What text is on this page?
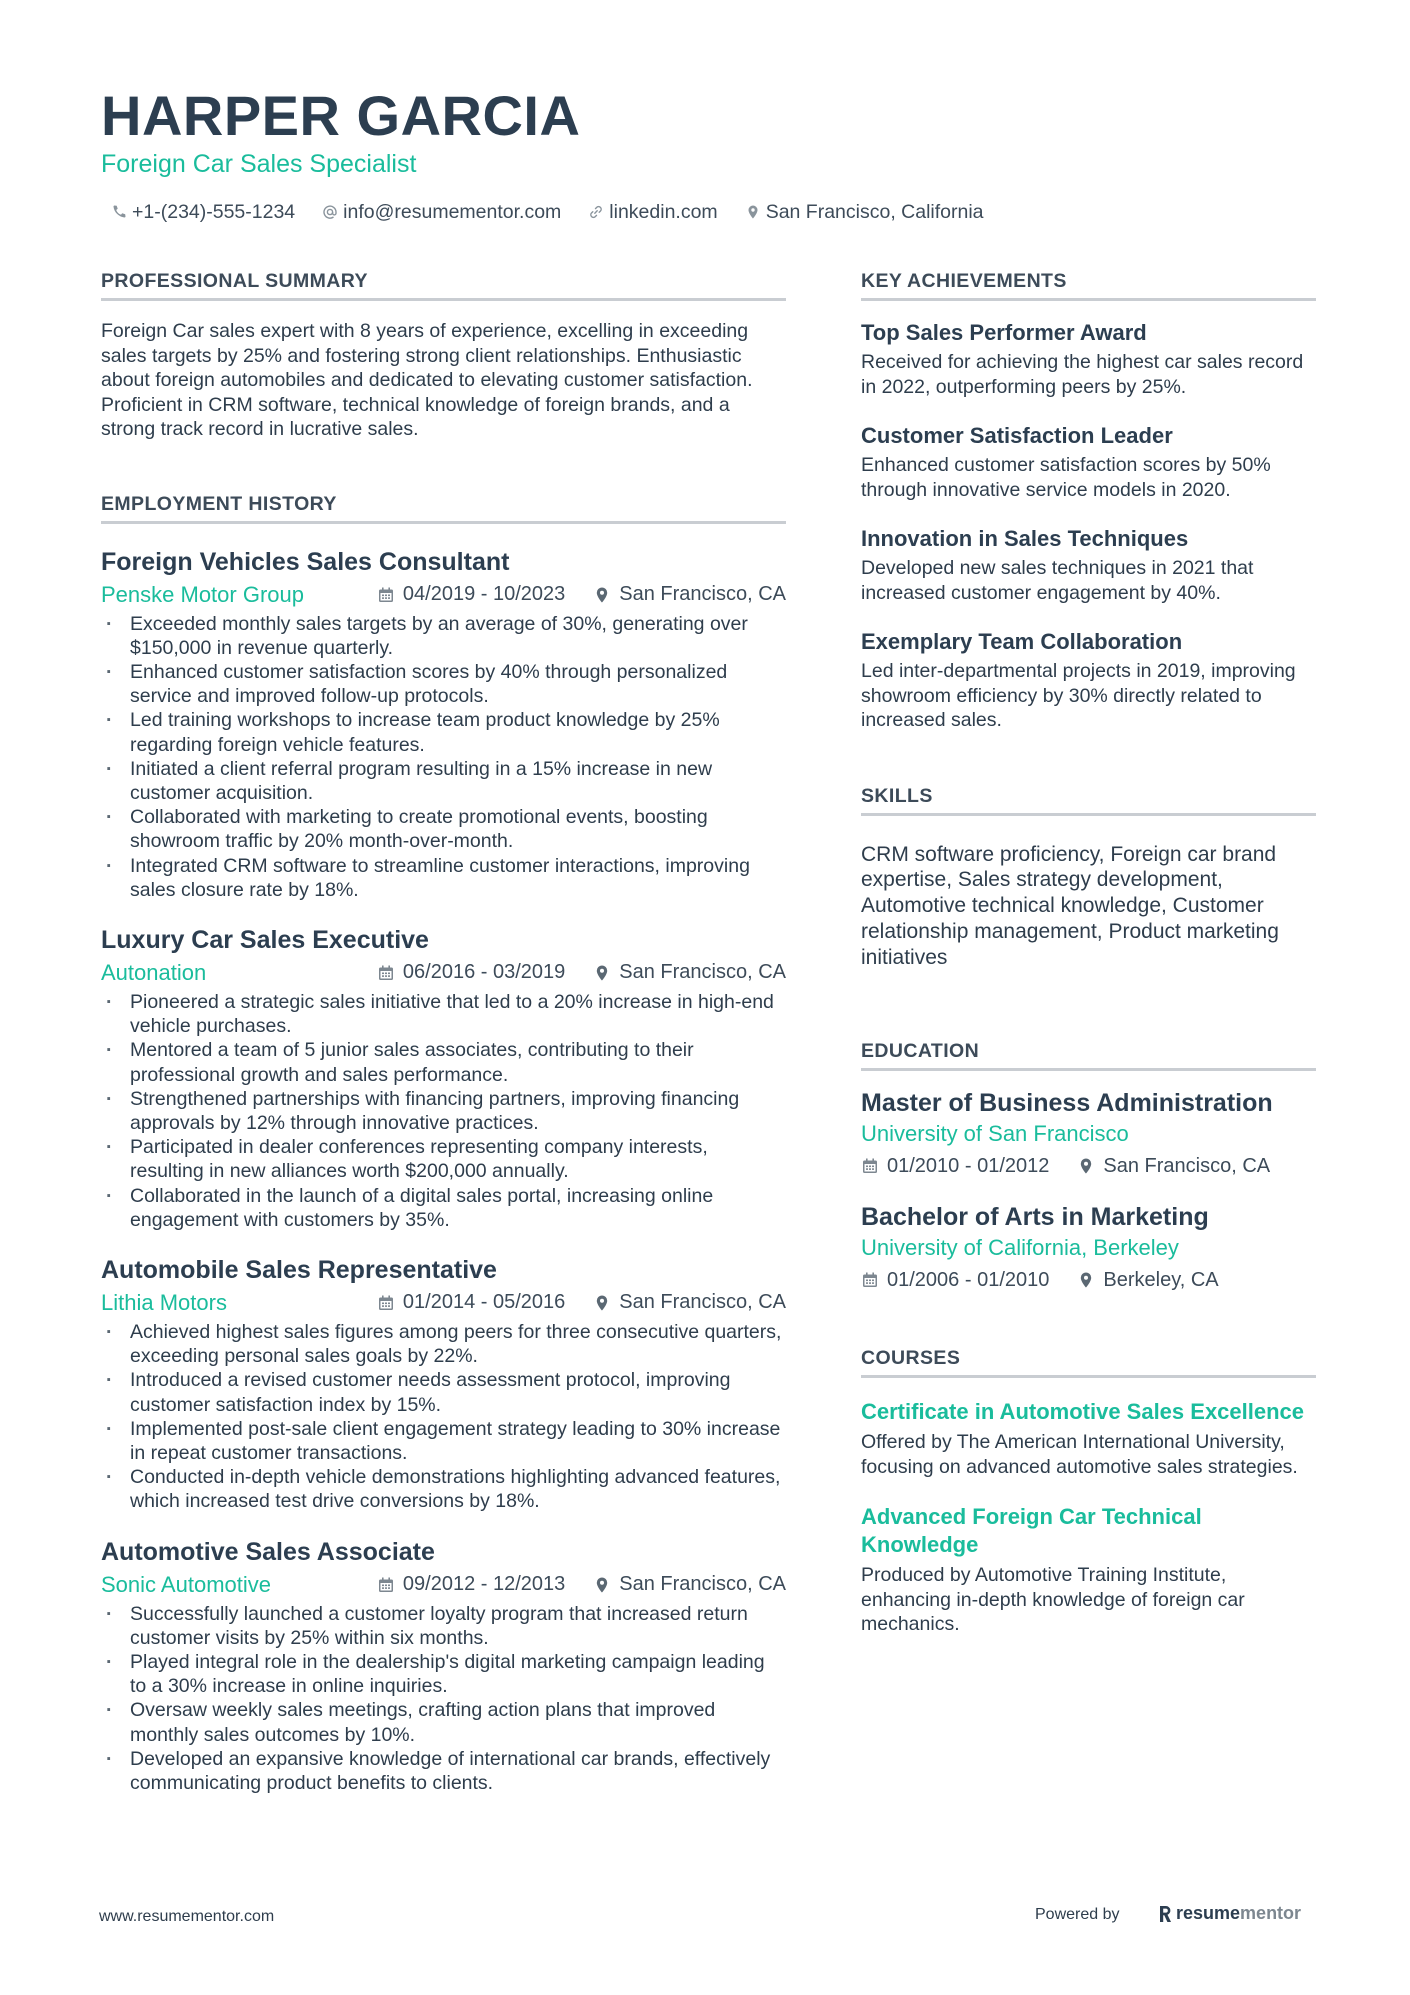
HARPER GARCIA
Foreign Car Sales Specialist
+1-(234)-555-1234 info@resumementor.com linkedin.com San Francisco, California
PROFESSIONAL SUMMARY

Foreign Car sales expert with 8 years of experience, excelling in exceeding sales targets by 25% and fostering strong client relationships. Enthusiastic about foreign automobiles and dedicated to elevating customer satisfaction. Proficient in CRM software, technical knowledge of foreign brands, and a strong track record in lucrative sales.

EMPLOYMENT HISTORY
Foreign Vehicles Sales Consultant
Penske Motor Group	04/2019 - 10/2023	San Francisco, CA
· Exceeded monthly sales targets by an average of 30%, generating over $150,000 in revenue quarterly.
· Enhanced customer satisfaction scores by 40% through personalized service and improved follow-up protocols.
· Led training workshops to increase team product knowledge by 25% regarding foreign vehicle features.
· Initiated a client referral program resulting in a 15% increase in new customer acquisition.
· Collaborated with marketing to create promotional events, boosting showroom traffic by 20% month-over-month.
· Integrated CRM software to streamline customer interactions, improving sales closure rate by 18%.
Luxury Car Sales Executive
Autonation	06/2016 - 03/2019	San Francisco, CA
· Pioneered a strategic sales initiative that led to a 20% increase in high-end vehicle purchases.
· Mentored a team of 5 junior sales associates, contributing to their professional growth and sales performance.
· Strengthened partnerships with financing partners, improving financing approvals by 12% through innovative practices.
· Participated in dealer conferences representing company interests, resulting in new alliances worth $200,000 annually.
· Collaborated in the launch of a digital sales portal, increasing online engagement with customers by 35%.
Automobile Sales Representative
Lithia Motors	01/2014 - 05/2016	San Francisco, CA
· Achieved highest sales figures among peers for three consecutive quarters, exceeding personal sales goals by 22%.
· Introduced a revised customer needs assessment protocol, improving customer satisfaction index by 15%.
· Implemented post-sale client engagement strategy leading to 30% increase in repeat customer transactions.
· Conducted in-depth vehicle demonstrations highlighting advanced features, which increased test drive conversions by 18%.
Automotive Sales Associate
Sonic Automotive	09/2012 - 12/2013	San Francisco, CA
· Successfully launched a customer loyalty program that increased return customer visits by 25% within six months.
· Played integral role in the dealership's digital marketing campaign leading to a 30% increase in online inquiries.
· Oversaw weekly sales meetings, crafting action plans that improved monthly sales outcomes by 10%.
· Developed an expansive knowledge of international car brands, effectively communicating product benefits to clients.
KEY ACHIEVEMENTS
Top Sales Performer Award

Received for achieving the highest car sales record in 2022, outperforming peers by 25%.

Customer Satisfaction Leader

Enhanced customer satisfaction scores by 50% through innovative service models in 2020.

Innovation in Sales Techniques

Developed new sales techniques in 2021 that increased customer engagement by 40%.

Exemplary Team Collaboration

Led inter-departmental projects in 2019, improving showroom efficiency by 30% directly related to increased sales.

SKILLS

CRM software proficiency, Foreign car brand expertise, Sales strategy development, Automotive technical knowledge, Customer relationship management, Product marketing initiatives

EDUCATION
Master of Business Administration
University of San Francisco
01/2010 - 01/2012	San Francisco, CA
Bachelor of Arts in Marketing
University of California, Berkeley
01/2006 - 01/2010	Berkeley, CA
COURSES
Certificate in Automotive Sales Excellence

Offered by The American International University, focusing on advanced automotive sales strategies.

Advanced Foreign Car Technical Knowledge

Produced by Automotive Training Institute, enhancing in-depth knowledge of foreign car mechanics.

www.resumementor.com	Powered by	resume mentor
